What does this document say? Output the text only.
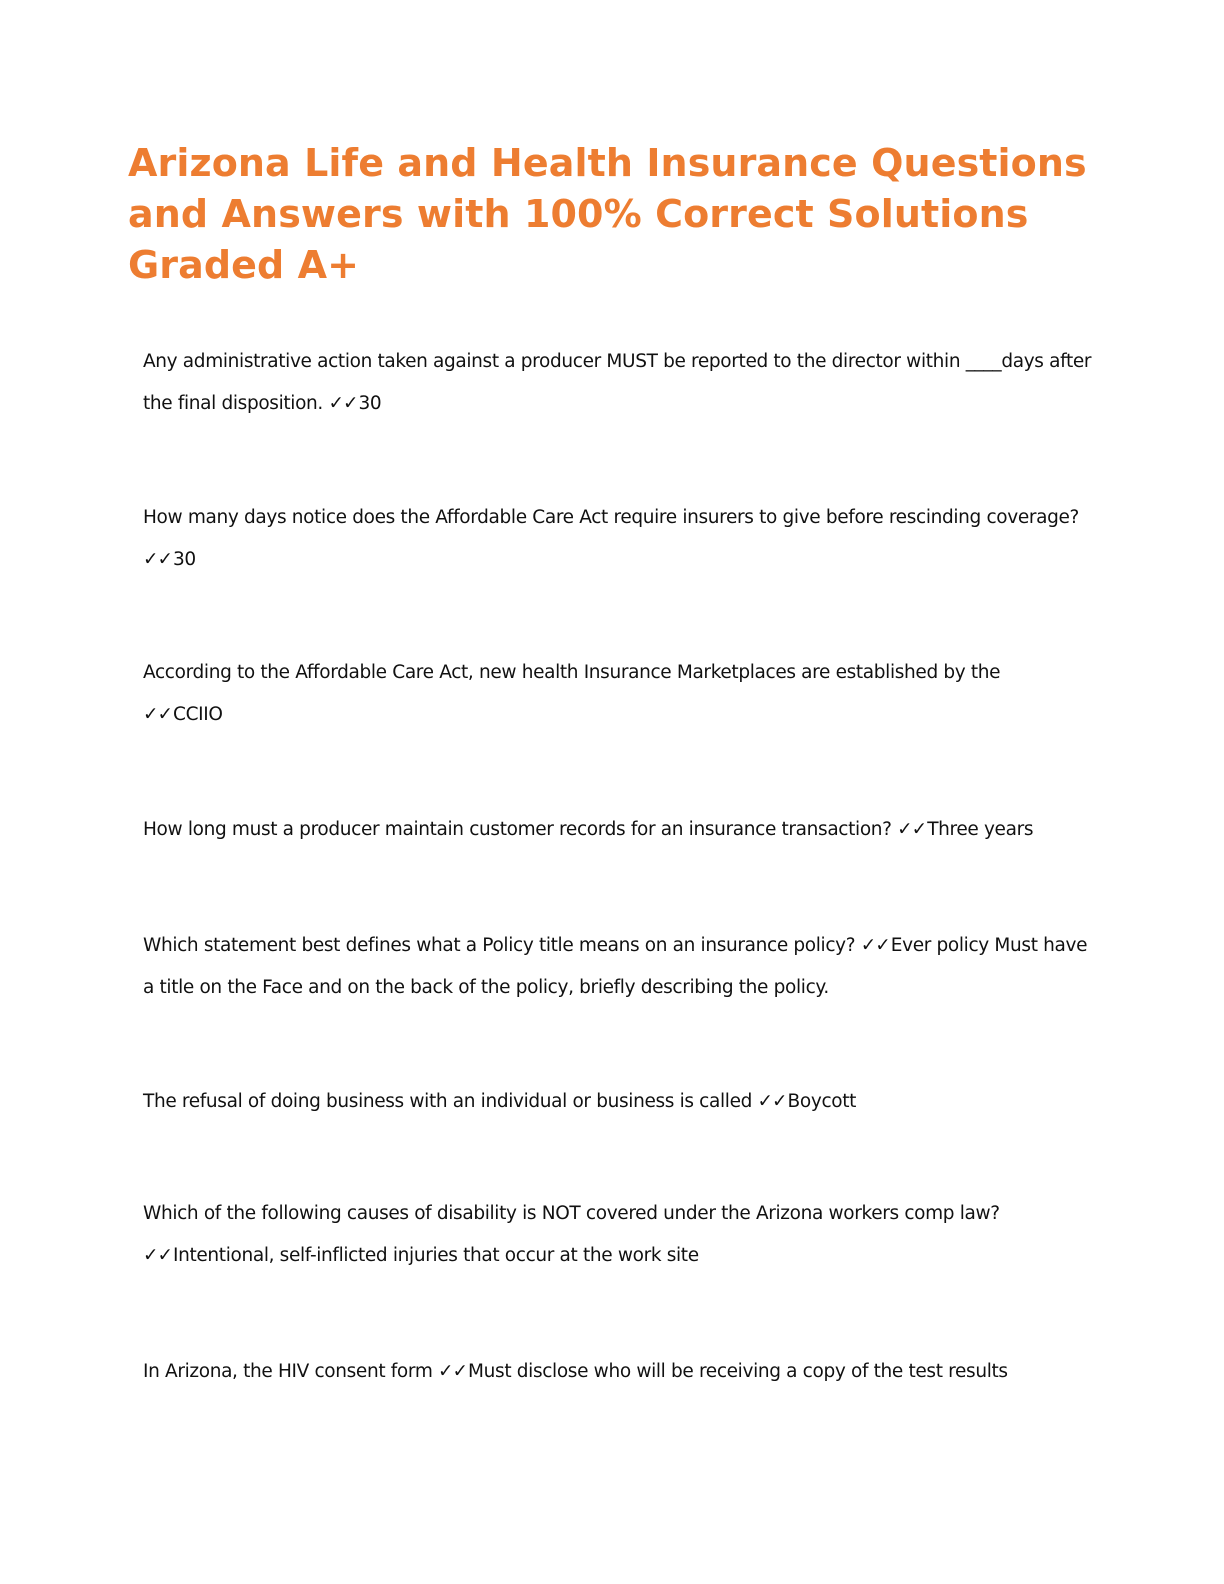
Arizona Life and Health Insurance Questions and Answers with 100% Correct Solutions Graded A+

Any administrative action taken against a producer MUST be reported to the director within ____days after the final disposition. ✓✓30

How many days notice does the Affordable Care Act require insurers to give before rescinding coverage?
✓✓30

According to the Affordable Care Act, new health Insurance Marketplaces are established by the
✓✓CCIIO

How long must a producer maintain customer records for an insurance transaction? ✓✓Three years

Which statement best defines what a Policy title means on an insurance policy? ✓✓Ever policy Must have a title on the Face and on the back of the policy, briefly describing the policy.

The refusal of doing business with an individual or business is called ✓✓Boycott

Which of the following causes of disability is NOT covered under the Arizona workers comp law?
✓✓Intentional, self-inflicted injuries that occur at the work site

In Arizona, the HIV consent form ✓✓Must disclose who will be receiving a copy of the test results
